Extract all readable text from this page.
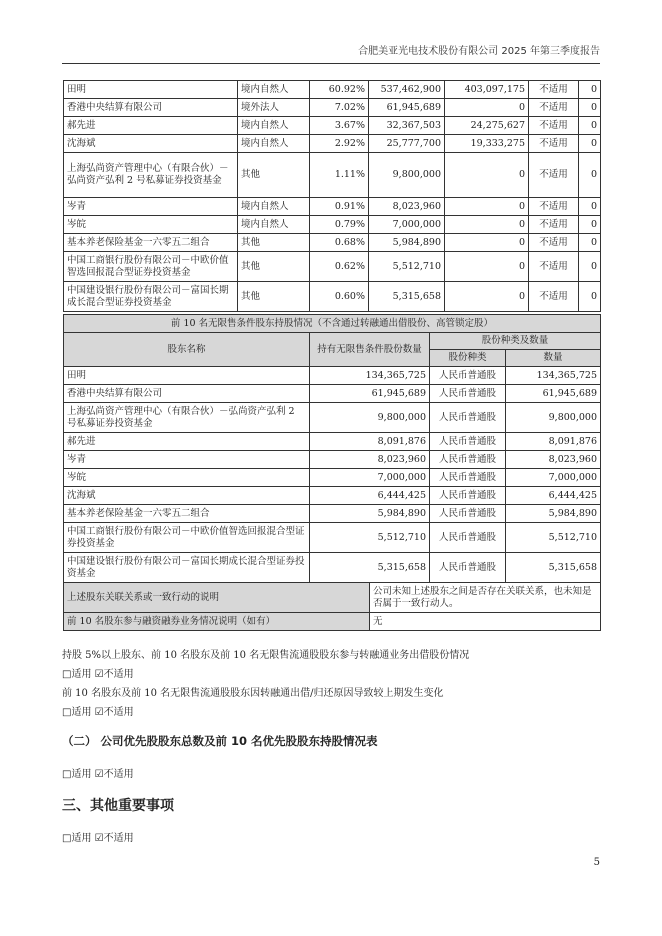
合肥美亚光电技术股份有限公司 2025 年第三季度报告
田明	境内自然人	60.92%	537,462,900	403,097,175	不适用	0
香港中央结算有限公司	境外法人	7.02%	61,945,689	0	不适用	0
郝先进	境内自然人	3.67%	32,367,503	24,275,627	不适用	0
沈海斌	境内自然人	2.92%	25,777,700	19,333,275	不适用	0
上海弘尚资产管理中心（有限合伙）－弘尚资产弘利 2 号私募证券投资基金	其他	1.11%	9,800,000	0	不适用	0
岑青	境内自然人	0.91%	8,023,960	0	不适用	0
岑皖	境内自然人	0.79%	7,000,000	0	不适用	0
基本养老保险基金一六零五二组合	其他	0.68%	5,984,890	0	不适用	0
中国工商银行股份有限公司－中欧价值智选回报混合型证券投资基金	其他	0.62%	5,512,710	0	不适用	0
中国建设银行股份有限公司－富国长期成长混合型证券投资基金	其他	0.60%	5,315,658	0	不适用	0
前 10 名无限售条件股东持股情况（不含通过转融通出借股份、高管锁定股）				
股东名称	持有无限售条件股份数量		股份种类及数量	
			股份种类	数量
田明	134,365,725		人民币普通股	134,365,725
香港中央结算有限公司	61,945,689		人民币普通股	61,945,689
上海弘尚资产管理中心（有限合伙）－弘尚资产弘利 2 号私募证券投资基金	9,800,000		人民币普通股	9,800,000
郝先进	8,091,876		人民币普通股	8,091,876
岑青	8,023,960		人民币普通股	8,023,960
岑皖	7,000,000		人民币普通股	7,000,000
沈海斌	6,444,425		人民币普通股	6,444,425
基本养老保险基金一六零五二组合	5,984,890		人民币普通股	5,984,890
中国工商银行股份有限公司－中欧价值智选回报混合型证券投资基金	5,512,710		人民币普通股	5,512,710
中国建设银行股份有限公司－富国长期成长混合型证券投资基金	5,315,658		人民币普通股	5,315,658
上述股东关联关系或一致行动的说明		公司未知上述股东之间是否存在关联关系，也未知是否属于一致行动人。		
前 10 名股东参与融资融券业务情况说明（如有）		无		
持股 5%以上股东、前 10 名股东及前 10 名无限售流通股股东参与转融通业务出借股份情况
□适用 ☑不适用
前 10 名股东及前 10 名无限售流通股股东因转融通出借/归还原因导致较上期发生变化
□适用 ☑不适用
（二） 公司优先股股东总数及前 10 名优先股股东持股情况表
□适用 ☑不适用
三、其他重要事项
□适用 ☑不适用
5
